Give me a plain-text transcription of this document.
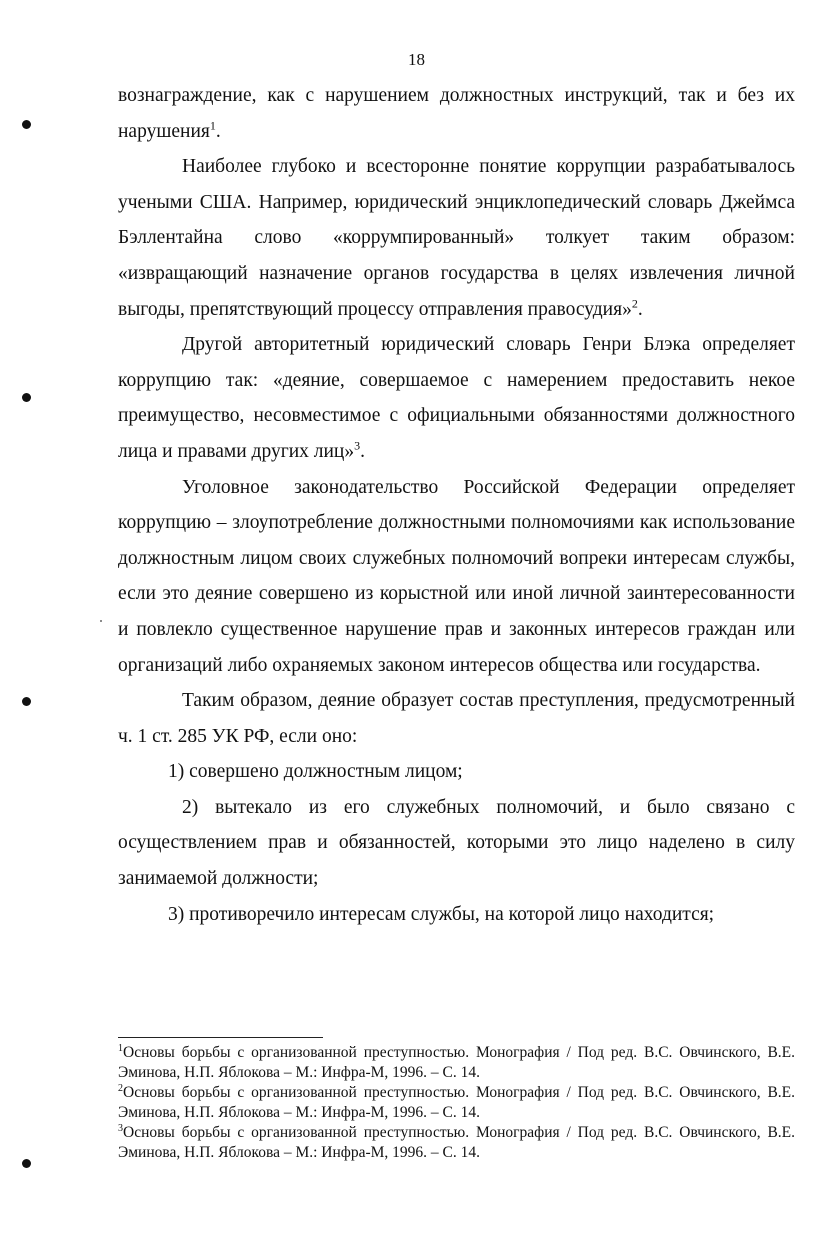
18

вознаграждение, как с нарушением должностных инструкций, так и без их нарушения$^1$.

Наиболее глубоко и всесторонне понятие коррупции разрабатывалось учеными США. Например, юридический энциклопедический словарь Джеймса Бэллентайна слово «коррумпированный» толкует таким образом: «извращающий назначение органов государства в целях извлечения личной выгоды, препятствующий процессу отправления правосудия»$^2$.

Другой авторитетный юридический словарь Генри Блэка определяет коррупцию так: «деяние, совершаемое с намерением предоставить некое преимущество, несовместимое с официальными обязанностями должностного лица и правами других лиц»$^3$.

Уголовное законодательство Российской Федерации определяет коррупцию – злоупотребление должностными полномочиями как использование должностным лицом своих служебных полномочий вопреки интересам службы, если это деяние совершено из корыстной или иной личной заинтересованности и повлекло существенное нарушение прав и законных интересов граждан или организаций либо охраняемых законом интересов общества или государства.

Таким образом, деяние образует состав преступления, предусмотренный ч. 1 ст. 285 УК РФ, если оно:

1) совершено должностным лицом;

2) вытекало из его служебных полномочий, и было связано с осуществлением прав и обязанностей, которыми это лицо наделено в силу занимаемой должности;

3) противоречило интересам службы, на которой лицо находится;

$^1$Основы борьбы с организованной преступностью. Монография / Под ред. В.С. Овчинского, В.Е. Эминова, Н.П. Яблокова – М.: Инфра-М, 1996. – С. 14.

$^2$Основы борьбы с организованной преступностью. Монография / Под ред. В.С. Овчинского, В.Е. Эминова, Н.П. Яблокова – М.: Инфра-М, 1996. – С. 14.

$^3$Основы борьбы с организованной преступностью. Монография / Под ред. В.С. Овчинского, В.Е. Эминова, Н.П. Яблокова – М.: Инфра-М, 1996. – С. 14.
